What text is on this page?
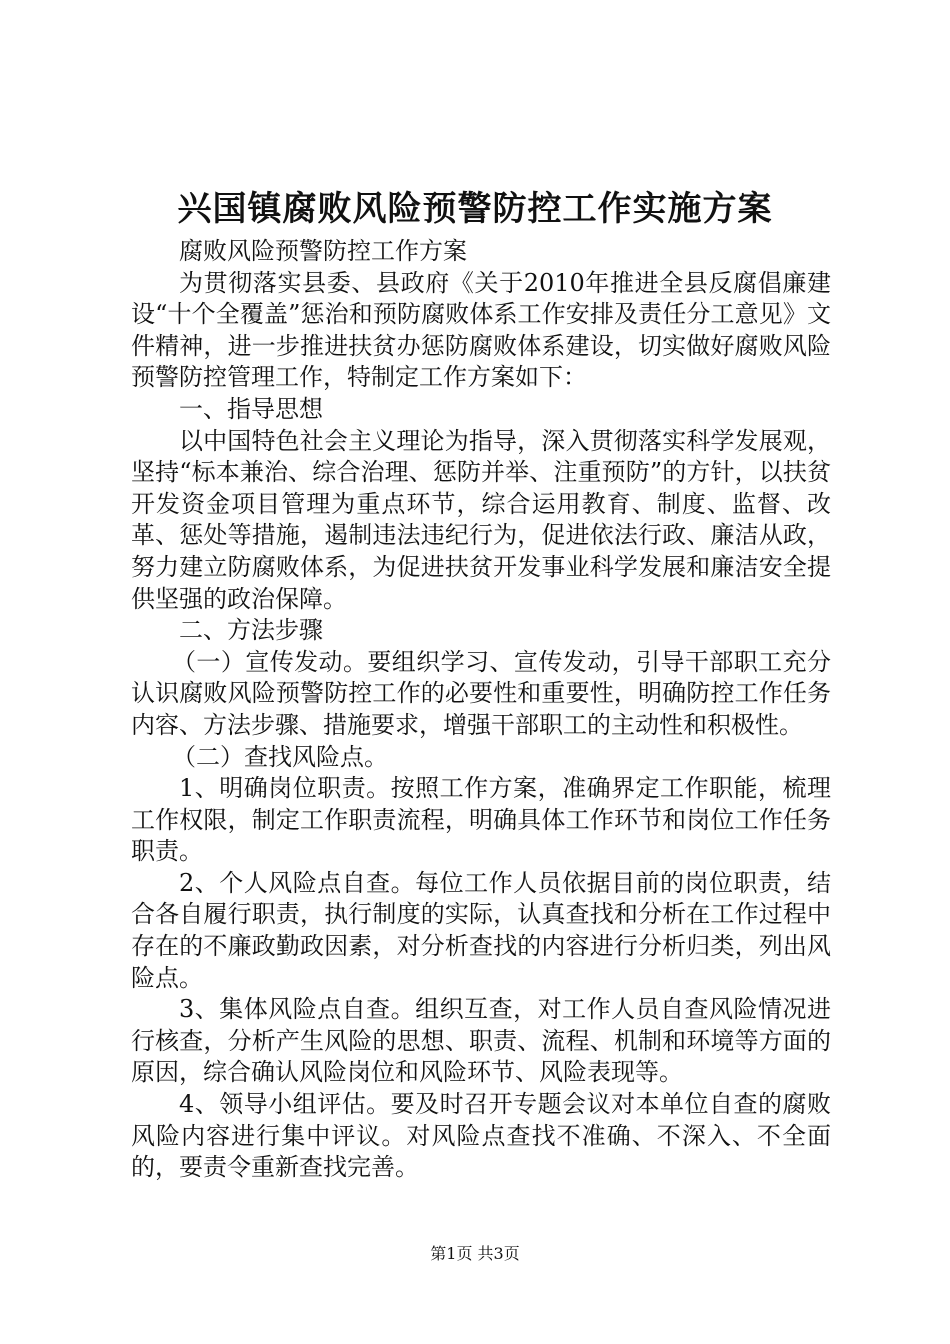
兴国镇腐败风险预警防控工作实施方案

腐败风险预警防控工作方案

为贯彻落实县委、县政府《关于2010年推进全县反腐倡廉建设“十个全覆盖”惩治和预防腐败体系工作安排及责任分工意见》文件精神，进一步推进扶贫办惩防腐败体系建设，切实做好腐败风险预警防控管理工作，特制定工作方案如下：

一、指导思想

以中国特色社会主义理论为指导，深入贯彻落实科学发展观，坚持“标本兼治、综合治理、惩防并举、注重预防”的方针，以扶贫开发资金项目管理为重点环节，综合运用教育、制度、监督、改革、惩处等措施，遏制违法违纪行为，促进依法行政、廉洁从政，努力建立防腐败体系，为促进扶贫开发事业科学发展和廉洁安全提供坚强的政治保障。

二、方法步骤

（一）宣传发动。要组织学习、宣传发动，引导干部职工充分认识腐败风险预警防控工作的必要性和重要性，明确防控工作任务内容、方法步骤、措施要求，增强干部职工的主动性和积极性。

（二）查找风险点。

1、明确岗位职责。按照工作方案，准确界定工作职能，梳理工作权限，制定工作职责流程，明确具体工作环节和岗位工作任务职责。

2、个人风险点自查。每位工作人员依据目前的岗位职责，结合各自履行职责，执行制度的实际，认真查找和分析在工作过程中存在的不廉政勤政因素，对分析查找的内容进行分析归类，列出风险点。

3、集体风险点自查。组织互查，对工作人员自查风险情况进行核查，分析产生风险的思想、职责、流程、机制和环境等方面的原因，综合确认风险岗位和风险环节、风险表现等。

4、领导小组评估。要及时召开专题会议对本单位自查的腐败风险内容进行集中评议。对风险点查找不准确、不深入、不全面的，要责令重新查找完善。

第1页 共3页
